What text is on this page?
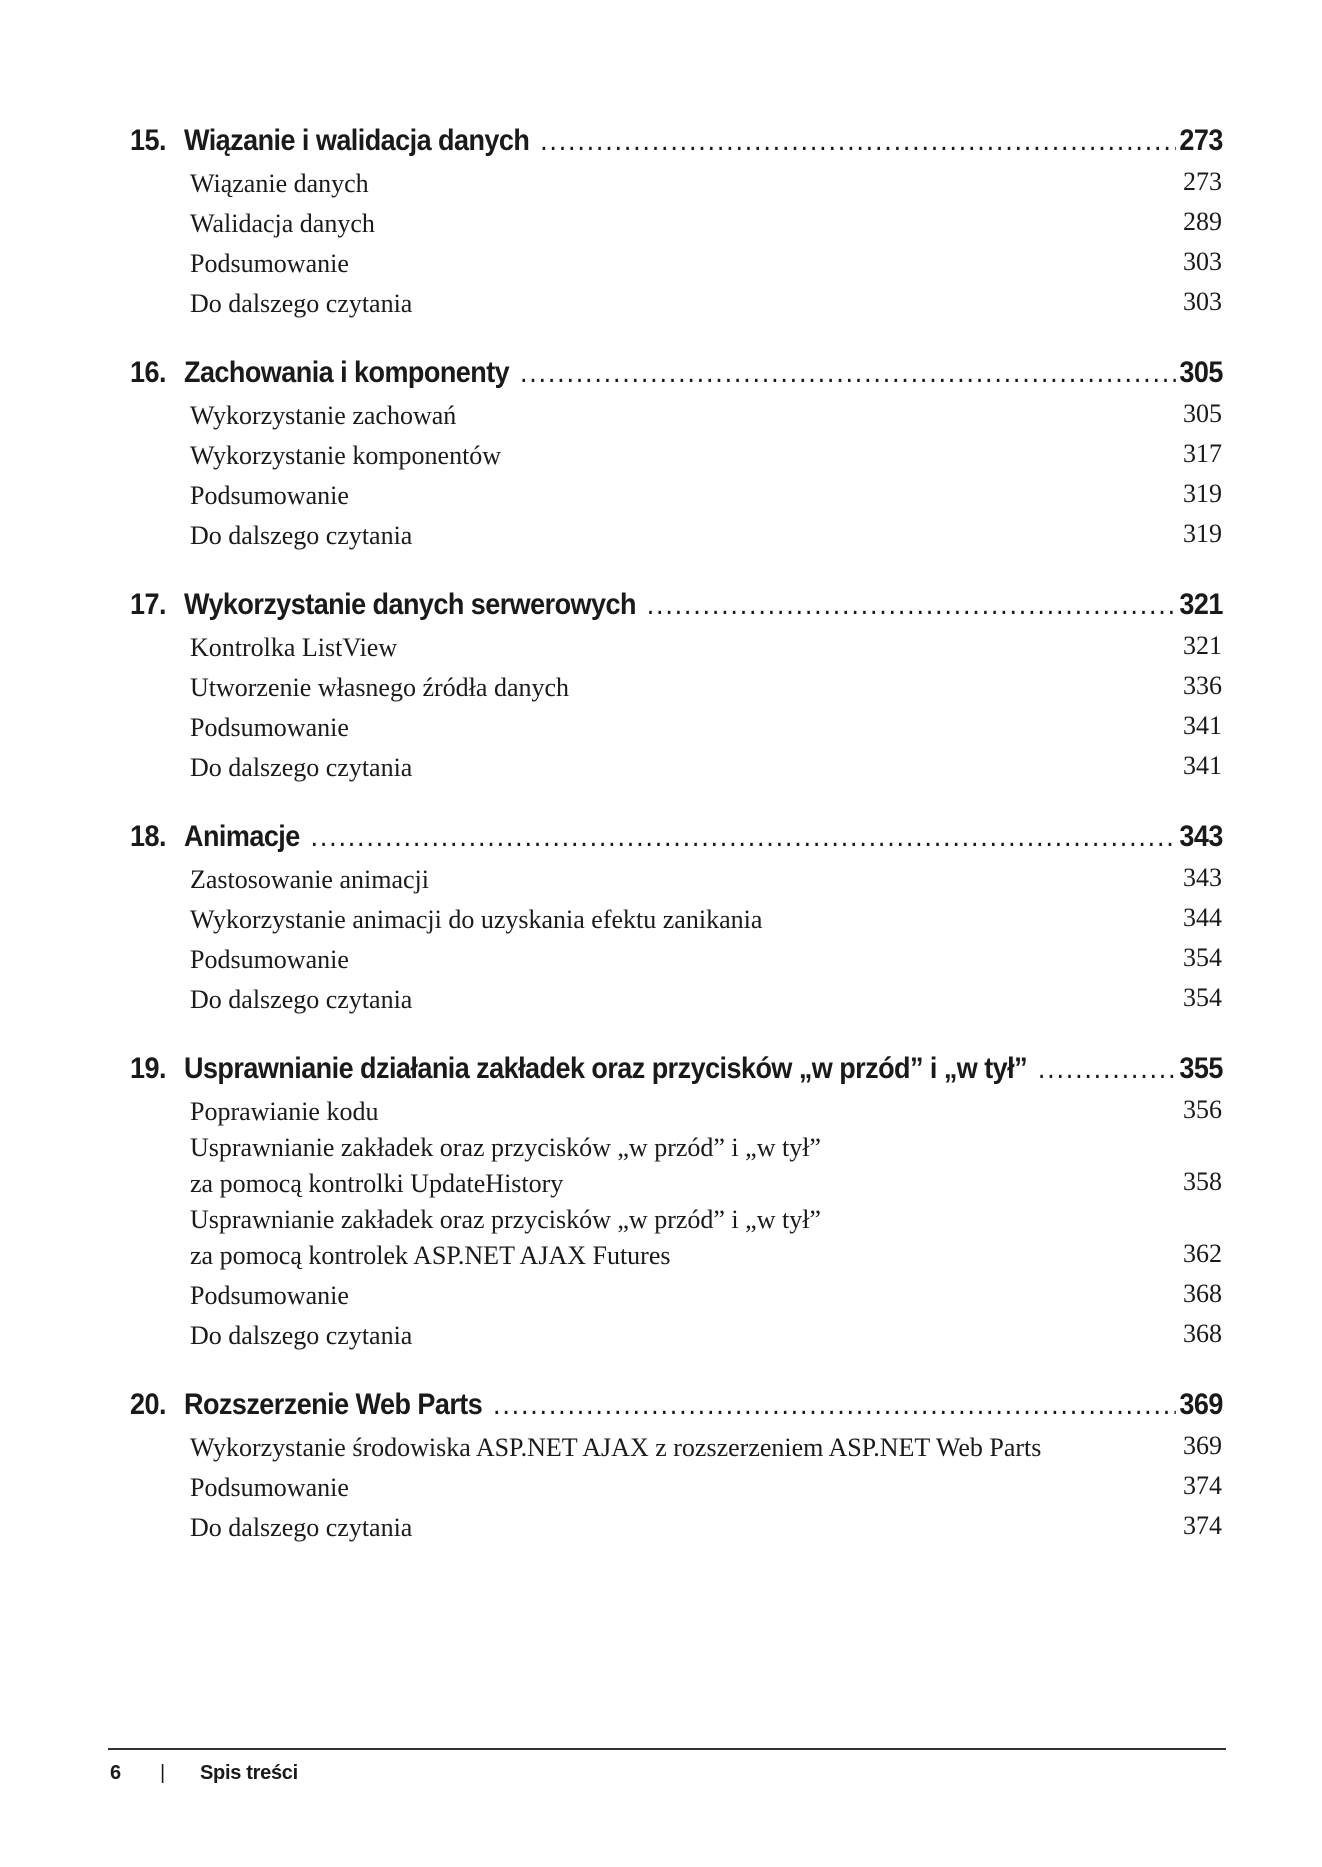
15. Wiązanie i walidacja danych .....	273
Wiązanie danych	273
Walidacja danych	289
Podsumowanie	303
Do dalszego czytania	303
16. Zachowania i komponenty .....	305
Wykorzystanie zachowań	305
Wykorzystanie komponentów	317
Podsumowanie	319
Do dalszego czytania	319
17. Wykorzystanie danych serwerowych .....	321
Kontrolka ListView	321
Utworzenie własnego źródła danych	336
Podsumowanie	341
Do dalszego czytania	341
18. Animacje .....	343
Zastosowanie animacji	343
Wykorzystanie animacji do uzyskania efektu zanikania	344
Podsumowanie	354
Do dalszego czytania	354
19. Usprawnianie działania zakładek oraz przycisków „w przód” i „w tył” .....	355
Poprawianie kodu	356
Usprawnianie zakładek oraz przycisków „w przód” i „w tył”
za pomocą kontrolki UpdateHistory	358
Usprawnianie zakładek oraz przycisków „w przód” i „w tył”
za pomocą kontrolek ASP.NET AJAX Futures	362
Podsumowanie	368
Do dalszego czytania	368
20. Rozszerzenie Web Parts .....	369
Wykorzystanie środowiska ASP.NET AJAX z rozszerzeniem ASP.NET Web Parts	369
Podsumowanie	374
Do dalszego czytania	374
6	|	Spis treści
